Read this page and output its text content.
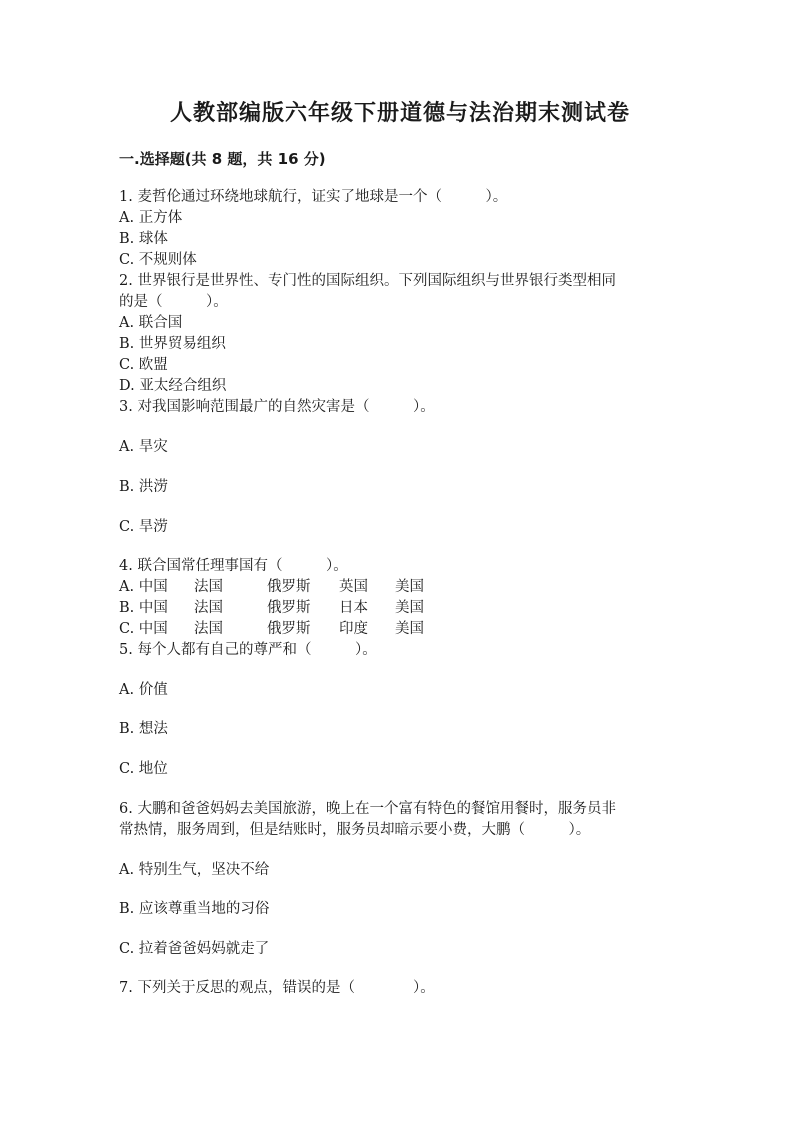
人教部编版六年级下册道德与法治期末测试卷
一.选择题(共 8 题，共 16 分)
1. 麦哲伦通过环绕地球航行，证实了地球是一个（　　　）。
A. 正方体
B. 球体
C. 不规则体
2. 世界银行是世界性、专门性的国际组织。下列国际组织与世界银行类型相同
的是（　　　）。
A. 联合国
B. 世界贸易组织
C. 欧盟
D. 亚太经合组织
3. 对我国影响范围最广的自然灾害是（　　　）。
A. 旱灾
B. 洪涝
C. 旱涝
4. 联合国常任理事国有（　　　）。
A. 中国 法国	俄罗斯 英国 美国
B. 中国 法国	俄罗斯 日本 美国
C. 中国 法国	俄罗斯 印度 美国
5. 每个人都有自己的尊严和（　　　）。
A. 价值
B. 想法
C. 地位
6. 大鹏和爸爸妈妈去美国旅游，晚上在一个富有特色的餐馆用餐时，服务员非
常热情，服务周到，但是结账时，服务员却暗示要小费，大鹏（　　　）。
A. 特别生气，坚决不给
B. 应该尊重当地的习俗
C. 拉着爸爸妈妈就走了
7. 下列关于反思的观点，错误的是（　　　　）。
